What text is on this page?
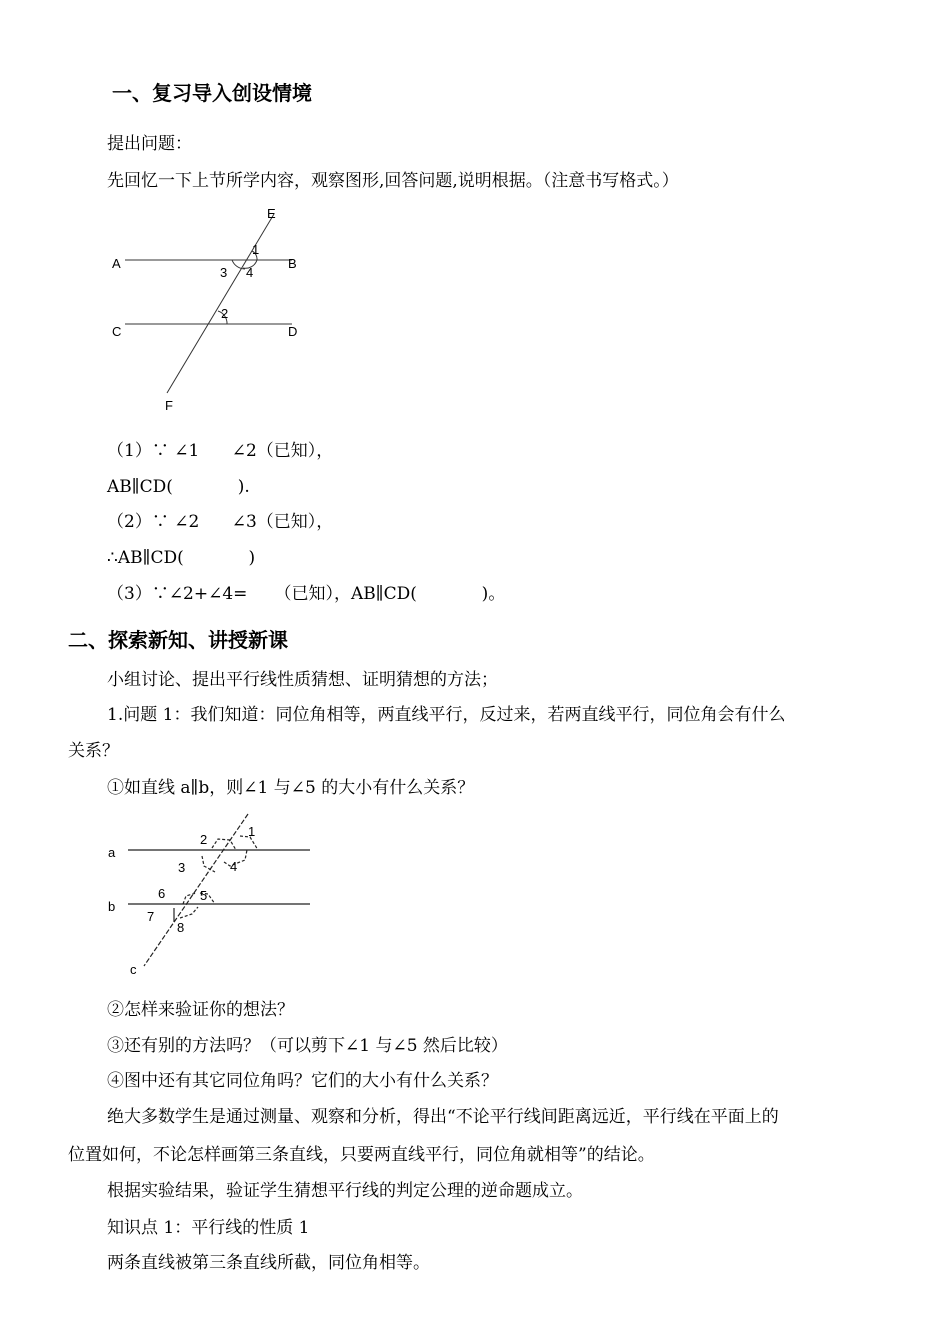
一、复习导入创设情境
提出问题：
先回忆一下上节所学内容，观察图形,回答问题,说明根据。（注意书写格式。）
A	B
C	D
E
F
1
3 4
2
（1）∵ ∠1      ∠2（已知），
AB∥CD(            ).
（2）∵ ∠2      ∠3（已知），
∴AB∥CD(            )
（3）∵∠2+∠4=     （已知），AB∥CD(            )。
二、探索新知、讲授新课
小组讨论、提出平行线性质猜想、证明猜想的方法；
1.问题 1：我们知道：同位角相等，两直线平行，反过来，若两直线平行，同位角会有什么
关系？
①如直线 a∥b，则∠1 与∠5 的大小有什么关系？
a
b
c
1
2
3	4
5
6
7
8
②怎样来验证你的想法？
③还有别的方法吗？（可以剪下∠1 与∠5 然后比较）
④图中还有其它同位角吗？它们的大小有什么关系？
绝大多数学生是通过测量、观察和分析，得出“不论平行线间距离远近，平行线在平面上的
位置如何，不论怎样画第三条直线，只要两直线平行，同位角就相等”的结论。
根据实验结果，验证学生猜想平行线的判定公理的逆命题成立。
知识点 1：平行线的性质 1
两条直线被第三条直线所截，同位角相等。
